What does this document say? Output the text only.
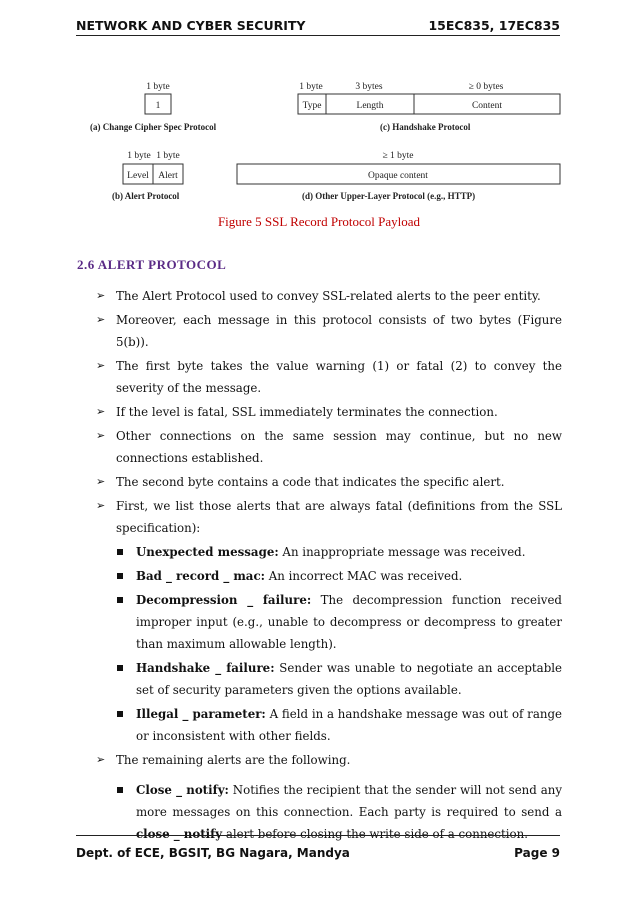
NETWORK AND CYBER SECURITY	15EC835, 17EC835
1 byte
1
(a) Change Cipher Spec Protocol
1 byte	3 bytes	≥ 0 bytes
Type	Length	Content
(c) Handshake Protocol
1 byte 1 byte
Level Alert
(b) Alert Protocol
≥ 1 byte
Opaque content
(d) Other Upper-Layer Protocol (e.g., HTTP)
Figure 5 SSL Record Protocol Payload
2.6 ALERT PROTOCOL
➢ The Alert Protocol used to convey SSL-related alerts to the peer entity.
➢ Moreover, each message in this protocol consists of two bytes (Figure 5(b)).
➢ The first byte takes the value warning (1) or fatal (2) to convey the severity of the message.
➢ If the level is fatal, SSL immediately terminates the connection.
➢ Other connections on the same session may continue, but no new connections established.
➢ The second byte contains a code that indicates the specific alert.
➢ First, we list those alerts that are always fatal (definitions from the SSL specification):
Unexpected message: An inappropriate message was received.
Bad _ record _ mac: An incorrect MAC was received.
Decompression _ failure: The decompression function received improper input (e.g., unable to decompress or decompress to greater than maximum allowable length).
Handshake _ failure: Sender was unable to negotiate an acceptable set of security parameters given the options available.
Illegal _ parameter: A field in a handshake message was out of range or inconsistent with other fields.
➢ The remaining alerts are the following.
Close _ notify: Notifies the recipient that the sender will not send any more messages on this connection. Each party is required to send a close _ notify alert before closing the write side of a connection.
Dept. of ECE, BGSIT, BG Nagara, Mandya	Page 9
